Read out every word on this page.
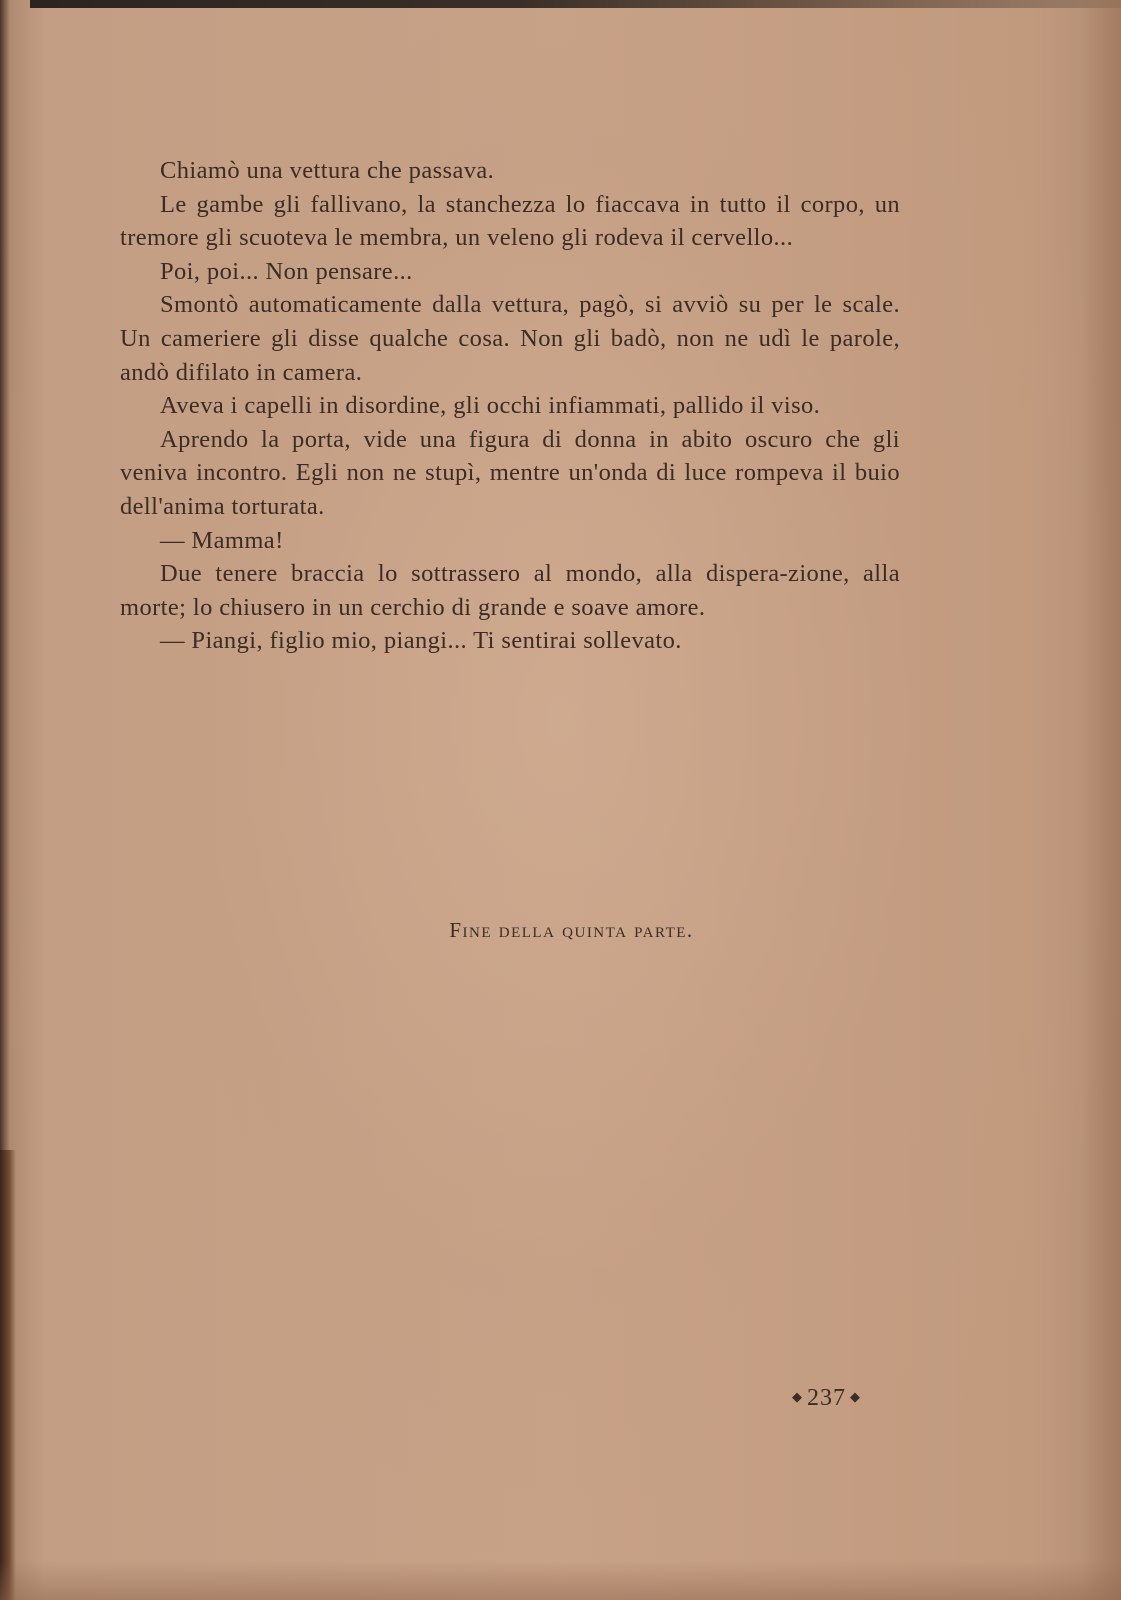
Chiamò una vettura che passava.

Le gambe gli fallivano, la stanchezza lo fiaccava in tutto il corpo, un tremore gli scuoteva le membra, un veleno gli rodeva il cervello...

Poi, poi... Non pensare...

Smontò automaticamente dalla vettura, pagò, si avviò su per le scale. Un cameriere gli disse qualche cosa. Non gli badò, non ne udì le parole, andò difilato in camera.

Aveva i capelli in disordine, gli occhi infiammati, pallido il viso.

Aprendo la porta, vide una figura di donna in abito oscuro che gli veniva incontro. Egli non ne stupì, mentre un'onda di luce rompeva il buio dell'anima torturata.

— Mamma!

Due tenere braccia lo sottrassero al mondo, alla dispera-zione, alla morte; lo chiusero in un cerchio di grande e soave amore.

— Piangi, figlio mio, piangi... Ti sentirai sollevato.

Fine della quinta parte.
◆ 237 ◆
